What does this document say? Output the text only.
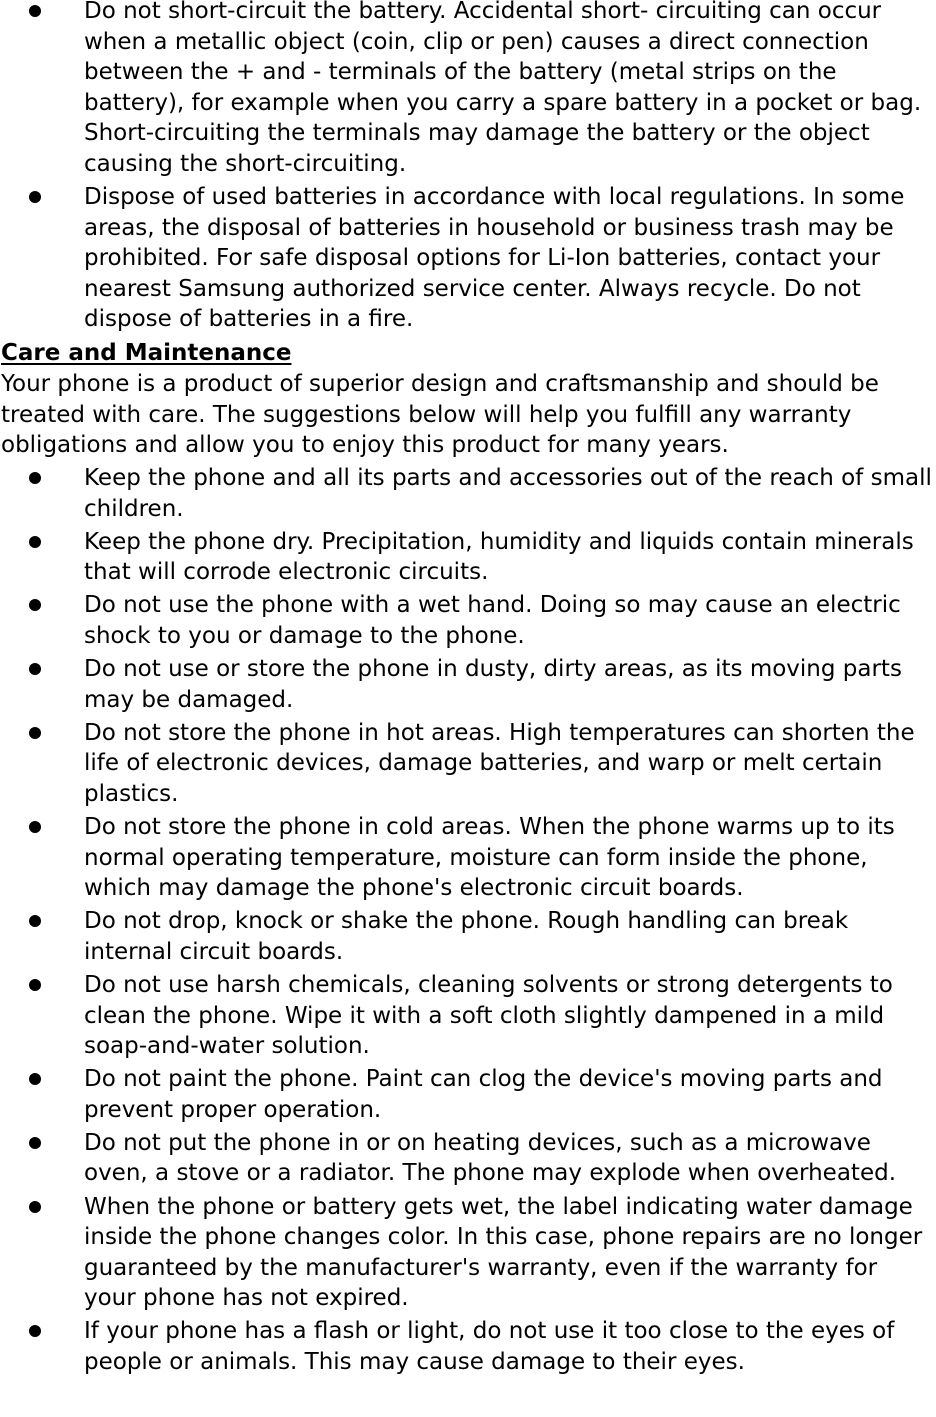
Do not short-circuit the battery. Accidental short- circuiting can occur when a metallic object (coin, clip or pen) causes a direct connection between the + and - terminals of the battery (metal strips on the battery), for example when you carry a spare battery in a pocket or bag. Short-circuiting the terminals may damage the battery or the object causing the short-circuiting.
Dispose of used batteries in accordance with local regulations. In some areas, the disposal of batteries in household or business trash may be prohibited. For safe disposal options for Li-Ion batteries, contact your nearest Samsung authorized service center. Always recycle. Do not dispose of batteries in a fire.
Care and Maintenance
Your phone is a product of superior design and craftsmanship and should be treated with care. The suggestions below will help you fulfill any warranty obligations and allow you to enjoy this product for many years.
Keep the phone and all its parts and accessories out of the reach of small children.
Keep the phone dry. Precipitation, humidity and liquids contain minerals that will corrode electronic circuits.
Do not use the phone with a wet hand. Doing so may cause an electric shock to you or damage to the phone.
Do not use or store the phone in dusty, dirty areas, as its moving parts may be damaged.
Do not store the phone in hot areas. High temperatures can shorten the life of electronic devices, damage batteries, and warp or melt certain plastics.
Do not store the phone in cold areas. When the phone warms up to its normal operating temperature, moisture can form inside the phone, which may damage the phone's electronic circuit boards.
Do not drop, knock or shake the phone. Rough handling can break internal circuit boards.
Do not use harsh chemicals, cleaning solvents or strong detergents to clean the phone. Wipe it with a soft cloth slightly dampened in a mild soap-and-water solution.
Do not paint the phone. Paint can clog the device's moving parts and prevent proper operation.
Do not put the phone in or on heating devices, such as a microwave oven, a stove or a radiator. The phone may explode when overheated.
When the phone or battery gets wet, the label indicating water damage inside the phone changes color. In this case, phone repairs are no longer guaranteed by the manufacturer's warranty, even if the warranty for your phone has not expired.
If your phone has a flash or light, do not use it too close to the eyes of people or animals. This may cause damage to their eyes.
